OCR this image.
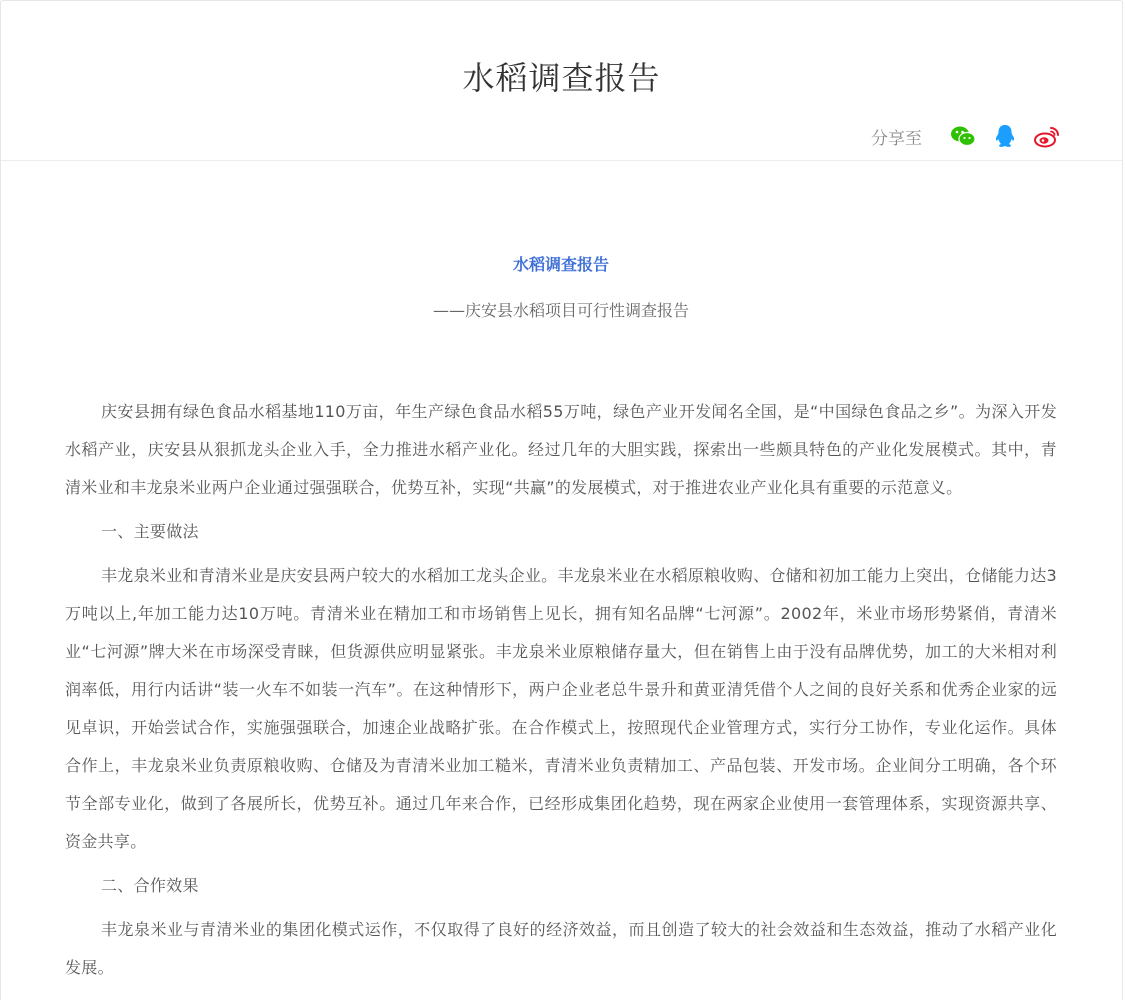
水稻调查报告
分享至
水稻调查报告
——庆安县水稻项目可行性调查报告

庆安县拥有绿色食品水稻基地110万亩，年生产绿色食品水稻55万吨，绿色产业开发闻名全国，是“中国绿色食品之乡”。为深入开发水稻产业，庆安县从狠抓龙头企业入手，全力推进水稻产业化。经过几年的大胆实践，探索出一些颇具特色的产业化发展模式。其中，青清米业和丰龙泉米业两户企业通过强强联合，优势互补，实现“共赢”的发展模式，对于推进农业产业化具有重要的示范意义。

一、主要做法

丰龙泉米业和青清米业是庆安县两户较大的水稻加工龙头企业。丰龙泉米业在水稻原粮收购、仓储和初加工能力上突出，仓储能力达3万吨以上,年加工能力达10万吨。青清米业在精加工和市场销售上见长，拥有知名品牌“七河源”。2002年，米业市场形势紧俏，青清米业“七河源”牌大米在市场深受青睐，但货源供应明显紧张。丰龙泉米业原粮储存量大，但在销售上由于没有品牌优势，加工的大米相对利润率低，用行内话讲“装一火车不如装一汽车”。在这种情形下，两户企业老总牛景升和黄亚清凭借个人之间的良好关系和优秀企业家的远见卓识，开始尝试合作，实施强强联合，加速企业战略扩张。在合作模式上，按照现代企业管理方式，实行分工协作，专业化运作。具体合作上，丰龙泉米业负责原粮收购、仓储及为青清米业加工糙米，青清米业负责精加工、产品包装、开发市场。企业间分工明确，各个环节全部专业化，做到了各展所长，优势互补。通过几年来合作，已经形成集团化趋势，现在两家企业使用一套管理体系，实现资源共享、资金共享。

二、合作效果

丰龙泉米业与青清米业的集团化模式运作，不仅取得了良好的经济效益，而且创造了较大的社会效益和生态效益，推动了水稻产业化发展。
